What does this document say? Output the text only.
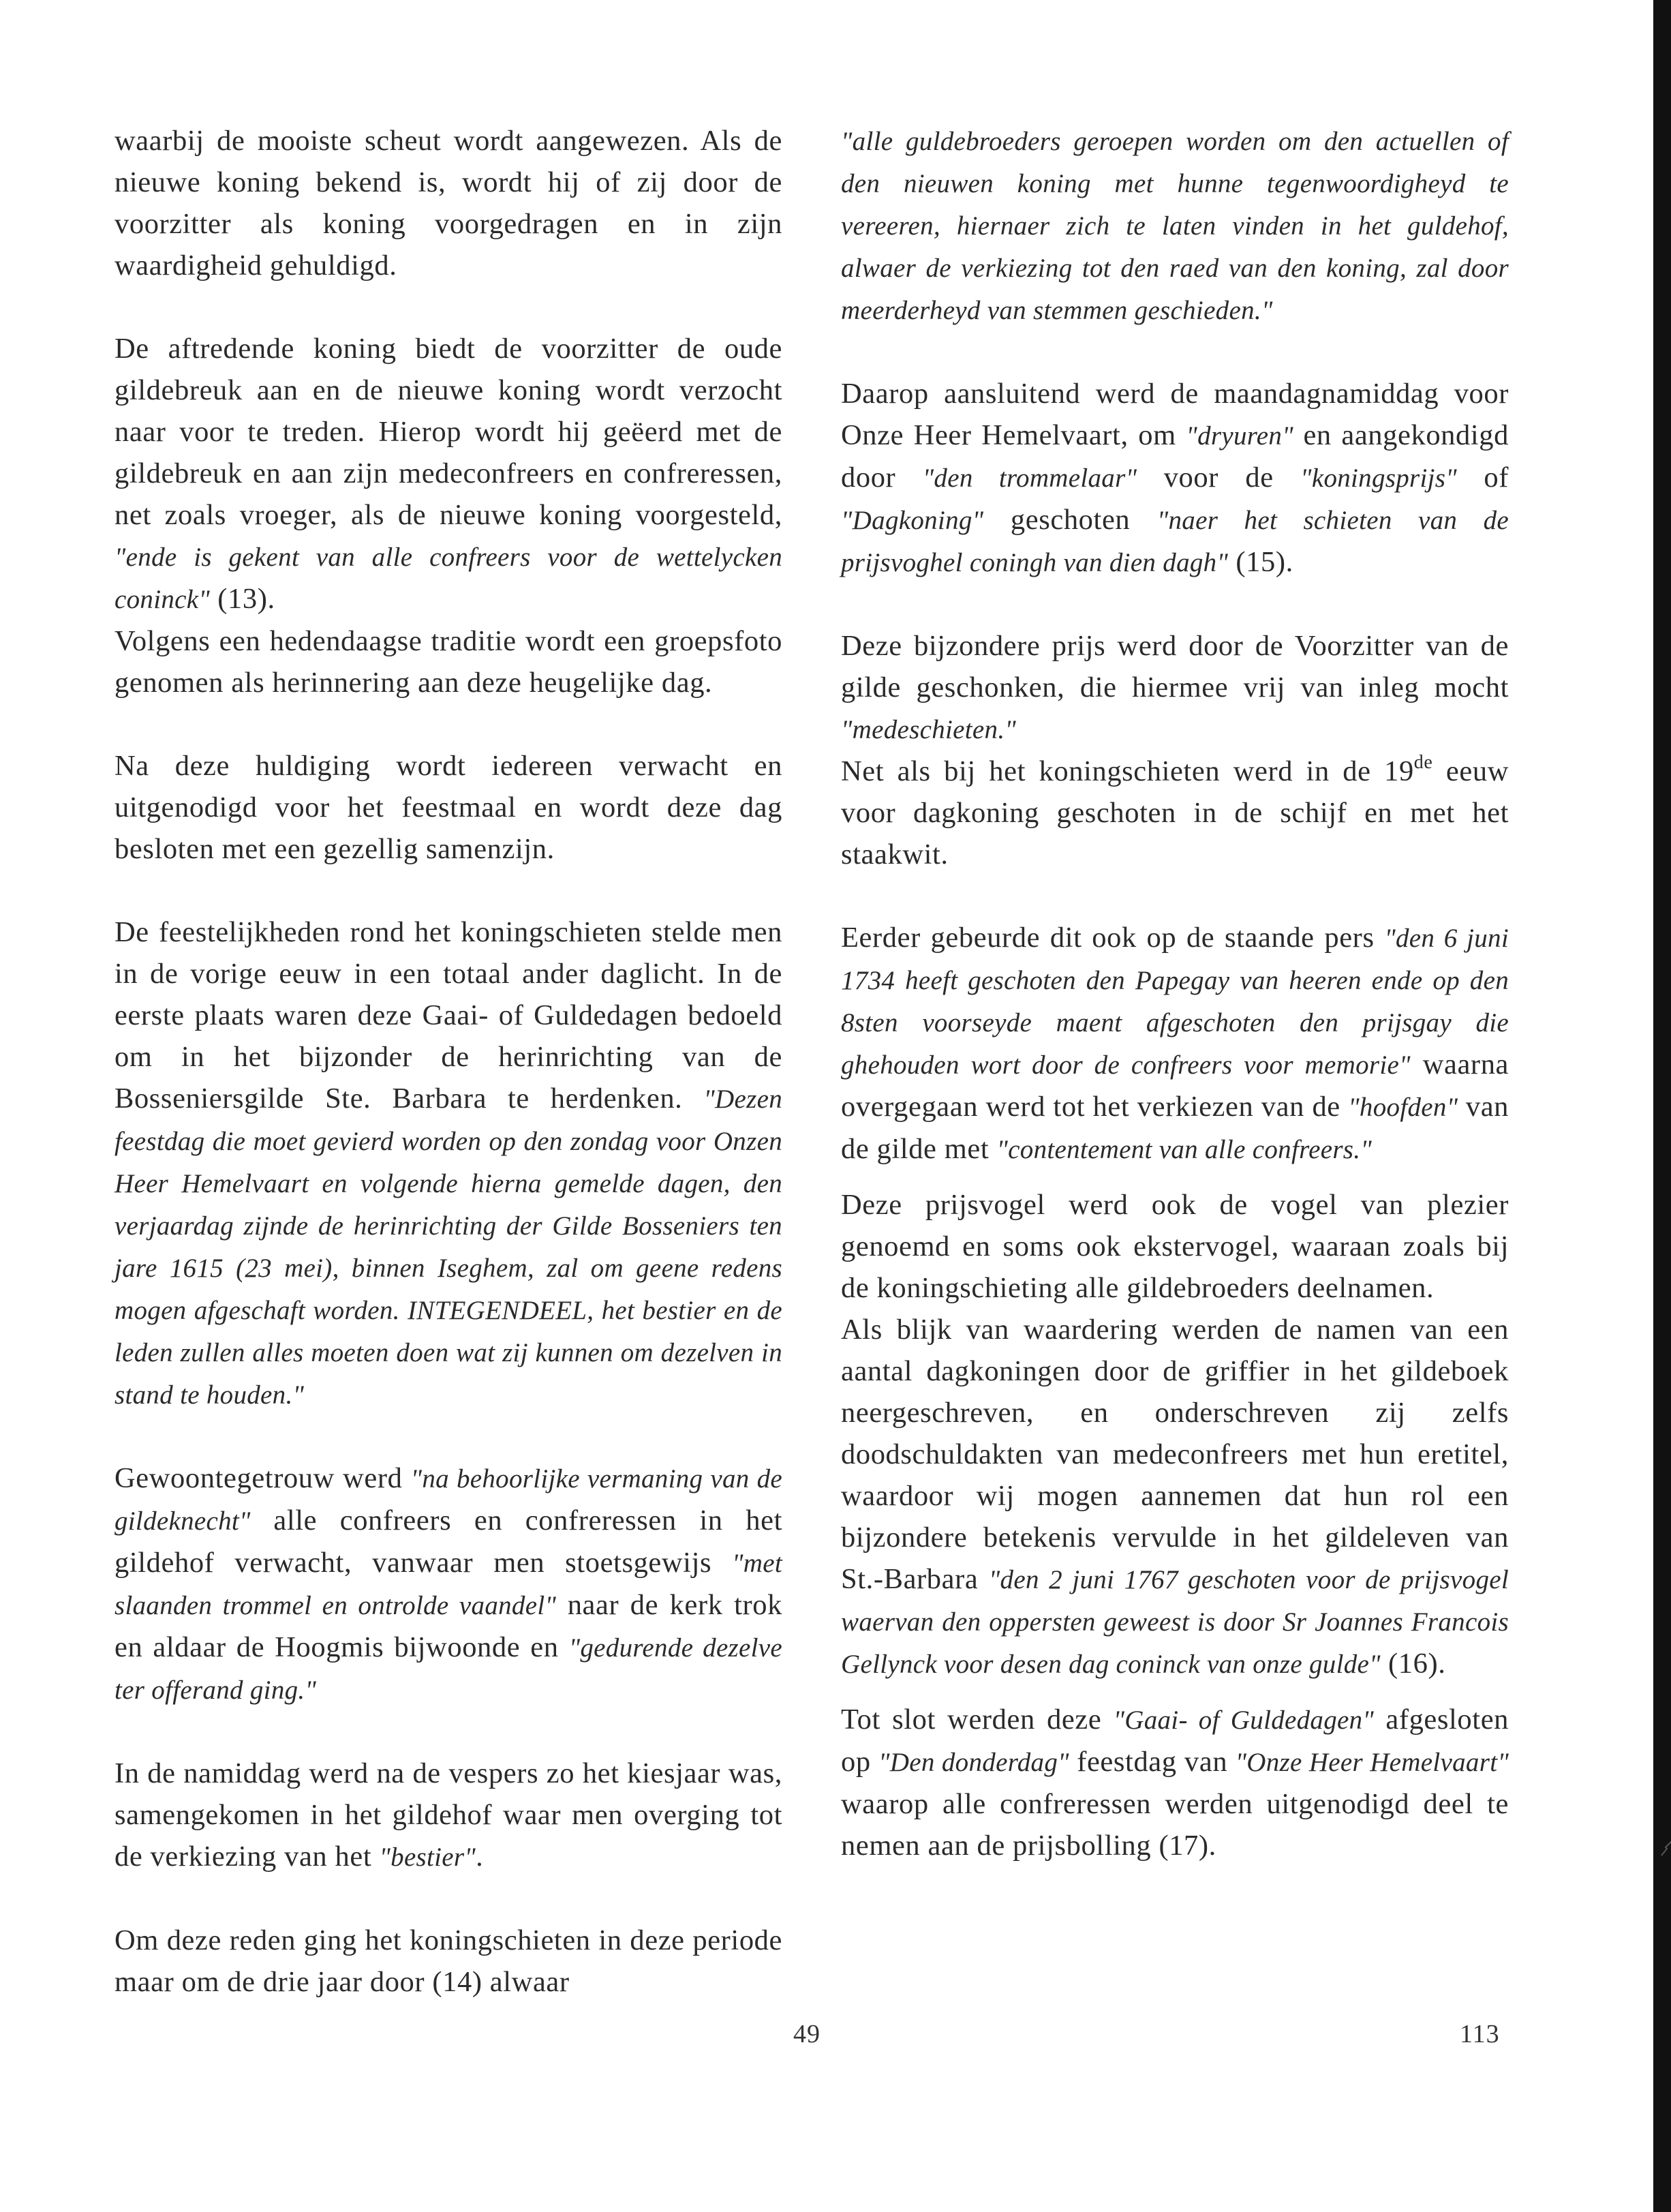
waarbij de mooiste scheut wordt aangewezen. Als de nieuwe koning bekend is, wordt hij of zij door de voorzitter als koning voorgedragen en in zijn waardigheid gehuldigd.

De aftredende koning biedt de voorzitter de oude gildebreuk aan en de nieuwe koning wordt verzocht naar voor te treden. Hierop wordt hij geëerd met de gildebreuk en aan zijn medeconfreers en confreressen, net zoals vroeger, als de nieuwe koning voorgesteld, "ende is gekent van alle confreers voor de wettelycken coninck" (13).

Volgens een hedendaagse traditie wordt een groepsfoto genomen als herinnering aan deze heugelijke dag.

Na deze huldiging wordt iedereen verwacht en uitgenodigd voor het feestmaal en wordt deze dag besloten met een gezellig samenzijn.

De feestelijkheden rond het koningschieten stelde men in de vorige eeuw in een totaal ander daglicht. In de eerste plaats waren deze Gaai- of Guldedagen bedoeld om in het bijzonder de herinrichting van de Bosseniersgilde Ste. Barbara te herdenken. "Dezen feestdag die moet gevierd worden op den zondag voor Onzen Heer Hemelvaart en volgende hierna gemelde dagen, den verjaardag zijnde de herinrichting der Gilde Bosseniers ten jare 1615 (23 mei), binnen Iseghem, zal om geene redens mogen afgeschaft worden. INTEGENDEEL, het bestier en de leden zullen alles moeten doen wat zij kunnen om dezelven in stand te houden."

Gewoontegetrouw werd "na behoorlijke vermaning van de gildeknecht" alle confreers en confreressen in het gildehof verwacht, vanwaar men stoetsgewijs "met slaanden trommel en ontrolde vaandel" naar de kerk trok en aldaar de Hoogmis bijwoonde en "gedurende dezelve ter offerand ging."

In de namiddag werd na de vespers zo het kiesjaar was, samengekomen in het gildehof waar men overging tot de verkiezing van het "bestier".

Om deze reden ging het koningschieten in deze periode maar om de drie jaar door (14) alwaar

"alle guldebroeders geroepen worden om den actuellen of den nieuwen koning met hunne tegenwoordigheyd te vereeren, hiernaer zich te laten vinden in het guldehof, alwaer de verkiezing tot den raed van den koning, zal door meerderheyd van stemmen geschieden."

Daarop aansluitend werd de maandagnamiddag voor Onze Heer Hemelvaart, om "dryuren" en aangekondigd door "den trommelaar" voor de "koningsprijs" of "Dagkoning" geschoten "naer het schieten van de prijsvoghel coningh van dien dagh" (15).

Deze bijzondere prijs werd door de Voorzitter van de gilde geschonken, die hiermee vrij van inleg mocht "medeschieten."

Net als bij het koningschieten werd in de 19de eeuw voor dagkoning geschoten in de schijf en met het staakwit.

Eerder gebeurde dit ook op de staande pers "den 6 juni 1734 heeft geschoten den Papegay van heeren ende op den 8sten voorseyde maent afgeschoten den prijsgay die ghehouden wort door de confreers voor memorie" waarna overgegaan werd tot het verkiezen van de "hoofden" van de gilde met "contentement van alle confreers."

Deze prijsvogel werd ook de vogel van plezier genoemd en soms ook ekstervogel, waaraan zoals bij de koningschieting alle gildebroeders deelnamen.

Als blijk van waardering werden de namen van een aantal dagkoningen door de griffier in het gildeboek neergeschreven, en onderschreven zij zelfs doodschuldakten van medeconfreers met hun eretitel, waardoor wij mogen aannemen dat hun rol een bijzondere betekenis vervulde in het gildeleven van St.-Barbara "den 2 juni 1767 geschoten voor de prijsvogel waervan den oppersten geweest is door Sr Joannes Francois Gellynck voor desen dag coninck van onze gulde" (16).

Tot slot werden deze "Gaai- of Guldedagen" afgesloten op "Den donderdag" feestdag van "Onze Heer Hemelvaart" waarop alle confreressen werden uitgenodigd deel te nemen aan de prijsbolling (17).

49	113
